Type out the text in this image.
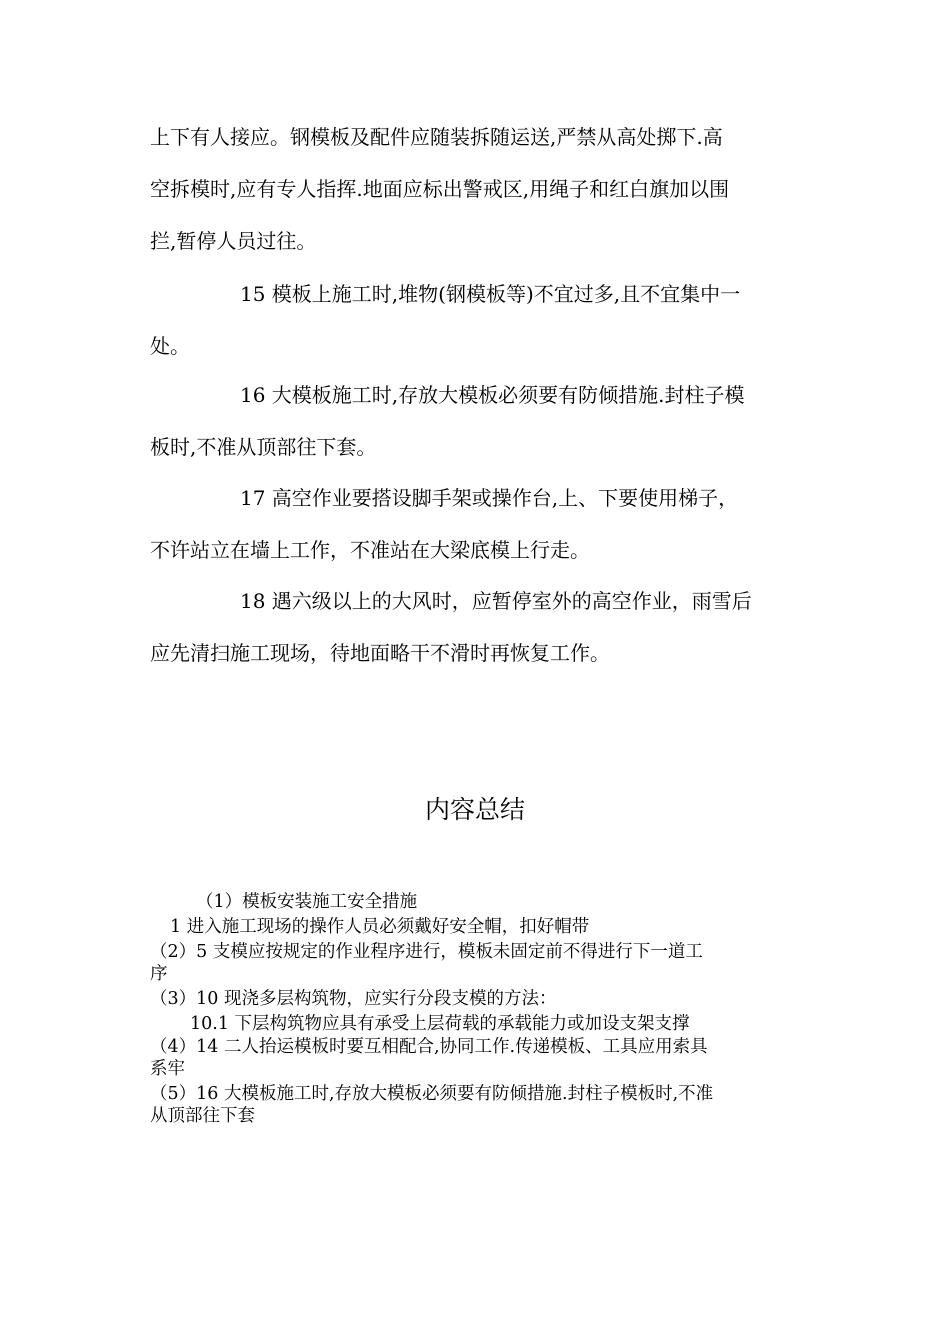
上下有人接应。钢模板及配件应随装拆随运送,严禁从高处掷下.高
空拆模时,应有专人指挥.地面应标出警戒区,用绳子和红白旗加以围
拦,暂停人员过往。
15 模板上施工时,堆物(钢模板等)不宜过多,且不宜集中一
处。
16 大模板施工时,存放大模板必须要有防倾措施.封柱子模
板时,不准从顶部往下套。
17 高空作业要搭设脚手架或操作台,上、下要使用梯子，
不许站立在墙上工作，不准站在大梁底模上行走。
18 遇六级以上的大风时，应暂停室外的高空作业，雨雪后
应先清扫施工现场，待地面略干不滑时再恢复工作。
内容总结
（1）模板安装施工安全措施
1 进入施工现场的操作人员必须戴好安全帽，扣好帽带
（2）5 支模应按规定的作业程序进行，模板未固定前不得进行下一道工
序
（3）10 现浇多层构筑物，应实行分段支模的方法：
10.1 下层构筑物应具有承受上层荷载的承载能力或加设支架支撑
（4）14 二人抬运模板时要互相配合,协同工作.传递模板、工具应用索具
系牢
（5）16 大模板施工时,存放大模板必须要有防倾措施.封柱子模板时,不准
从顶部往下套
